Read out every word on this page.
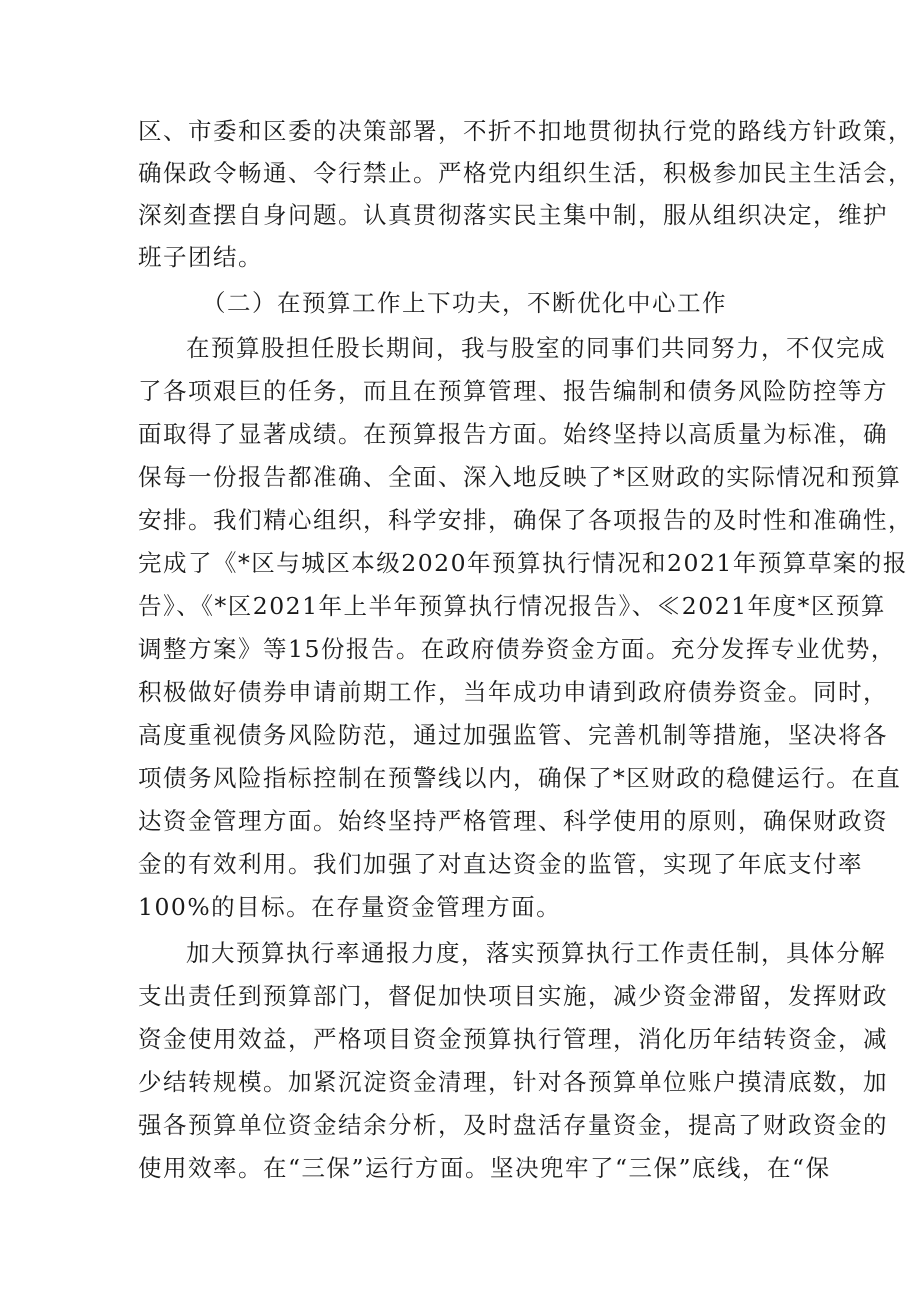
区、市委和区委的决策部署，不折不扣地贯彻执行党的路线方针政策，
确保政令畅通、令行禁止。严格党内组织生活，积极参加民主生活会，
深刻查摆自身问题。认真贯彻落实民主集中制，服从组织决定，维护
班子团结。
（二）在预算工作上下功夫，不断优化中心工作
在预算股担任股长期间，我与股室的同事们共同努力，不仅完成
了各项艰巨的任务，而且在预算管理、报告编制和债务风险防控等方
面取得了显著成绩。在预算报告方面。始终坚持以高质量为标准，确
保每一份报告都准确、全面、深入地反映了*区财政的实际情况和预算
安排。我们精心组织，科学安排，确保了各项报告的及时性和准确性，
完成了《*区与城区本级2020年预算执行情况和2021年预算草案的报
告》、《*区2021年上半年预算执行情况报告》、≪2021年度*区预算
调整方案》等15份报告。在政府债券资金方面。充分发挥专业优势，
积极做好债券申请前期工作，当年成功申请到政府债券资金。同时，
高度重视债务风险防范，通过加强监管、完善机制等措施，坚决将各
项债务风险指标控制在预警线以内，确保了*区财政的稳健运行。在直
达资金管理方面。始终坚持严格管理、科学使用的原则，确保财政资
金的有效利用。我们加强了对直达资金的监管，实现了年底支付率
100%的目标。在存量资金管理方面。
加大预算执行率通报力度，落实预算执行工作责任制，具体分解
支出责任到预算部门，督促加快项目实施，减少资金滞留，发挥财政
资金使用效益，严格项目资金预算执行管理，消化历年结转资金，减
少结转规模。加紧沉淀资金清理，针对各预算单位账户摸清底数，加
强各预算单位资金结余分析，及时盘活存量资金，提高了财政资金的
使用效率。在“三保”运行方面。坚决兜牢了“三保”底线，在“保
